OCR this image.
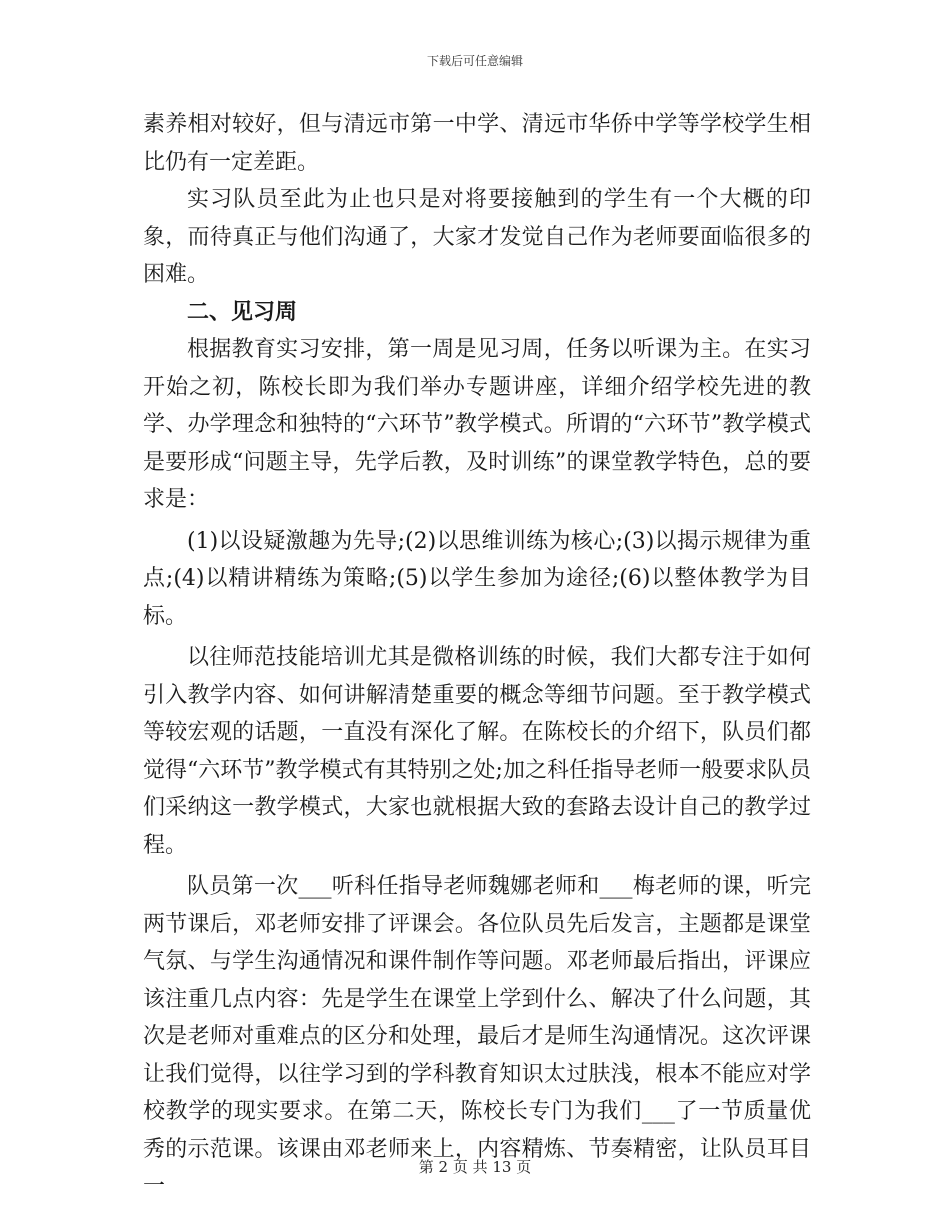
下载后可任意编辑

素养相对较好，但与清远市第一中学、清远市华侨中学等学校学生相比仍有一定差距。

实习队员至此为止也只是对将要接触到的学生有一个大概的印象，而待真正与他们沟通了，大家才发觉自己作为老师要面临很多的困难。

二、见习周

根据教育实习安排，第一周是见习周，任务以听课为主。在实习开始之初，陈校长即为我们举办专题讲座，详细介绍学校先进的教学、办学理念和独特的“六环节”教学模式。所谓的“六环节”教学模式是要形成“问题主导，先学后教，及时训练”的课堂教学特色，总的要求是：

(1)以设疑激趣为先导;(2)以思维训练为核心;(3)以揭示规律为重点;(4)以精讲精练为策略;(5)以学生参加为途径;(6)以整体教学为目标。

以往师范技能培训尤其是微格训练的时候，我们大都专注于如何引入教学内容、如何讲解清楚重要的概念等细节问题。至于教学模式等较宏观的话题，一直没有深化了解。在陈校长的介绍下，队员们都觉得“六环节”教学模式有其特别之处;加之科任指导老师一般要求队员们采纳这一教学模式，大家也就根据大致的套路去设计自己的教学过程。

队员第一次___听科任指导老师魏娜老师和___梅老师的课，听完两节课后，邓老师安排了评课会。各位队员先后发言，主题都是课堂气氛、与学生沟通情况和课件制作等问题。邓老师最后指出，评课应该注重几点内容：先是学生在课堂上学到什么、解决了什么问题，其次是老师对重难点的区分和处理，最后才是师生沟通情况。这次评课让我们觉得，以往学习到的学科教育知识太过肤浅，根本不能应对学校教学的现实要求。在第二天，陈校长专门为我们___了一节质量优秀的示范课。该课由邓老师来上，内容精炼、节奏精密，让队员耳目一

第 2 页 共 13 页
